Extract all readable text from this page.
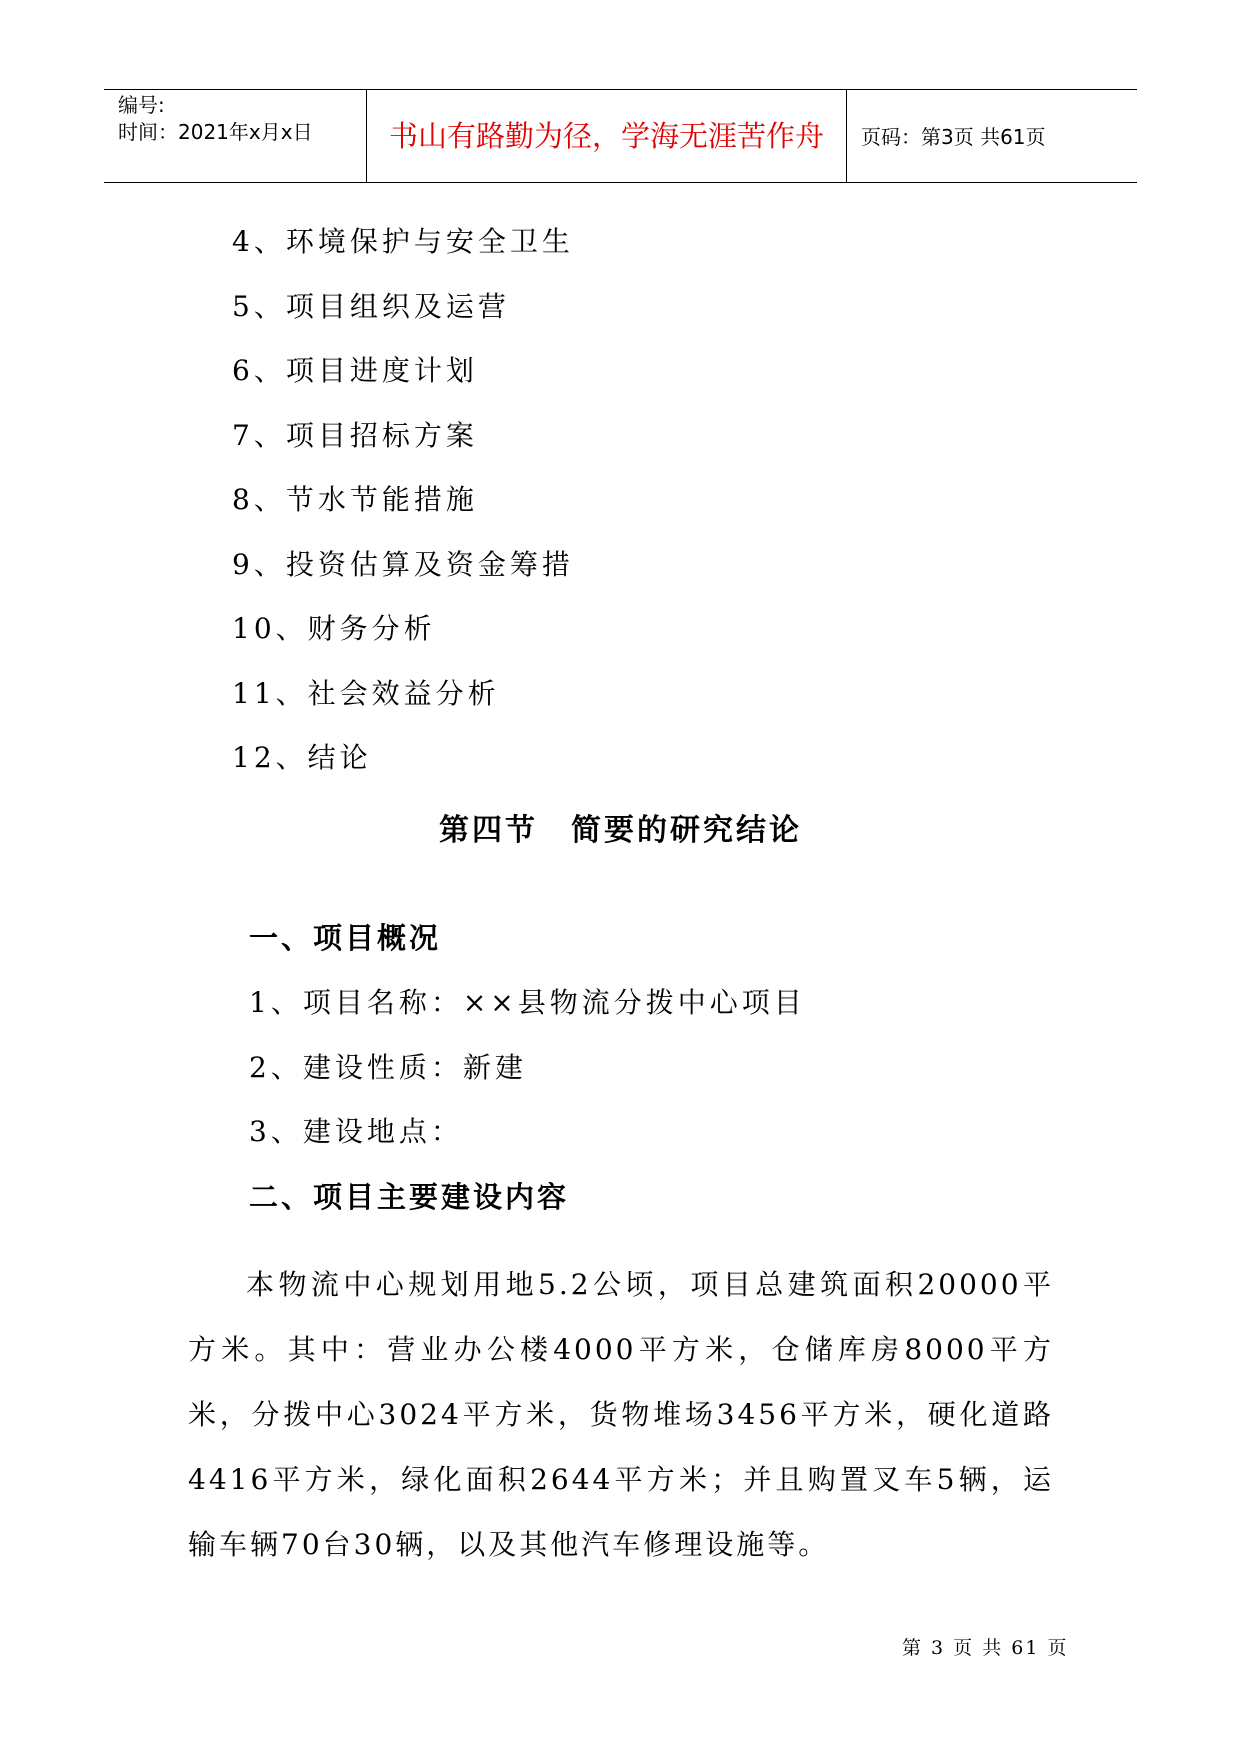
编号:
时间：2021年x月x日	书山有路勤为径，学海无涯苦作舟	页码：第3页 共61页
4、环境保护与安全卫生
5、项目组织及运营
6、项目进度计划
7、项目招标方案
8、节水节能措施
9、投资估算及资金筹措
10、财务分析
11、社会效益分析
12、结论
第四节　简要的研究结论
一、项目概况
1、项目名称：××县物流分拨中心项目
2、建设性质：新建
3、建设地点：
二、项目主要建设内容
本物流中心规划用地5.2公顷，项目总建筑面积20000平方米。其中：营业办公楼4000平方米，仓储库房8000平方米，分拨中心3024平方米，货物堆场3456平方米，硬化道路4416平方米，绿化面积2644平方米；并且购置叉车5辆，运输车辆70台30辆，以及其他汽车修理设施等。
第 3 页 共 61 页
